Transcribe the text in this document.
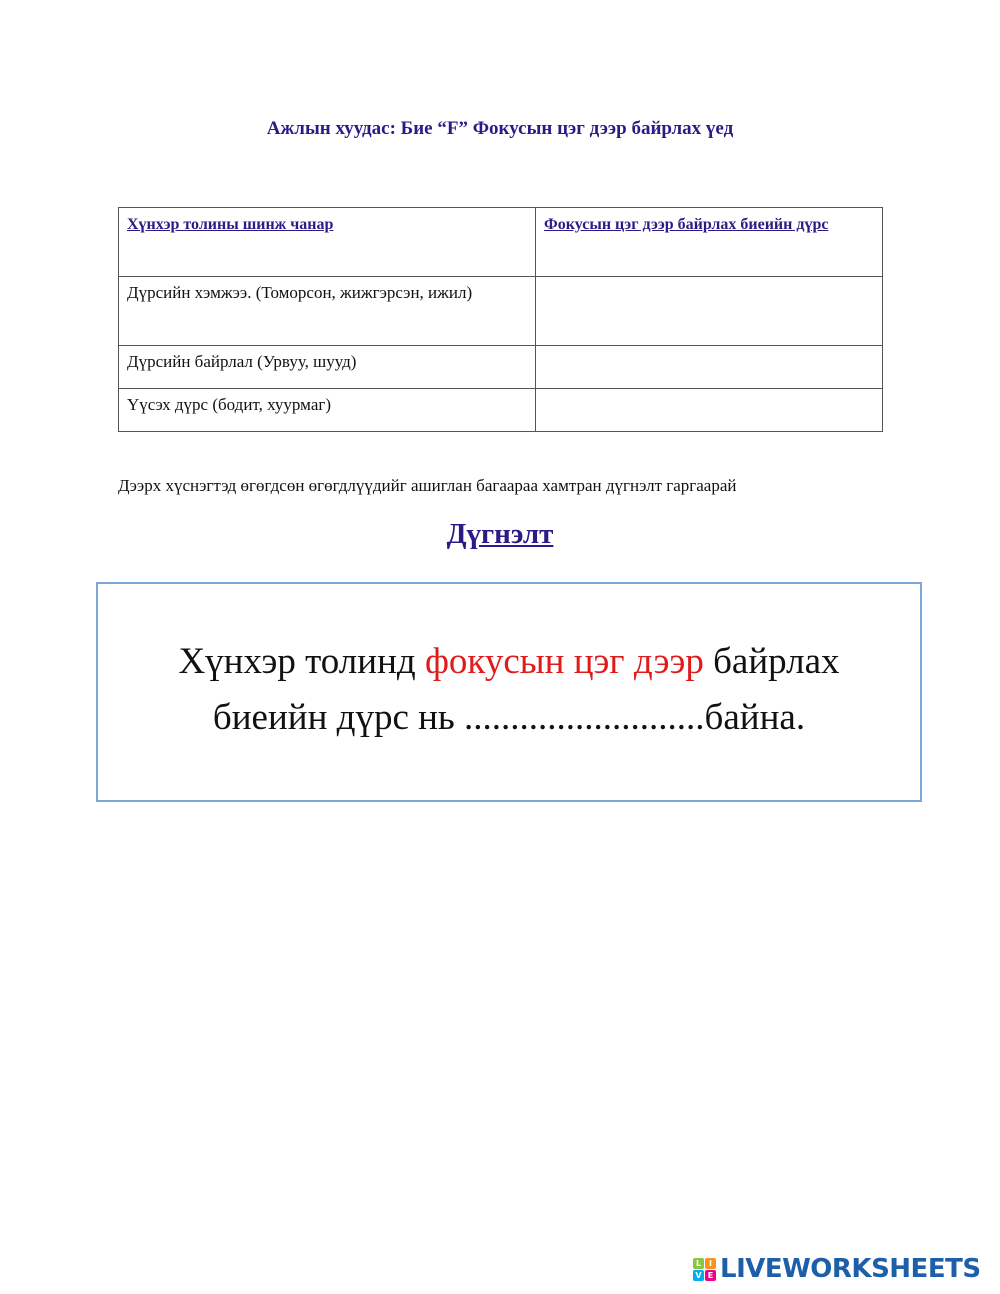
Ажлын хуудас: Бие “F” Фокусын цэг дээр байрлах үед
Хүнхэр толины шинж чанар	Фокусын цэг дээр байрлах биеийн дүрс
Дүрсийн хэмжээ. (Томорсон, жижгэрсэн, ижил)	
Дүрсийн байрлал (Урвуу, шууд)	
Үүсэх дүрс (бодит, хуурмаг)	
Дээрх хүснэгтэд өгөгдсөн өгөгдлүүдийг ашиглан багаараа хамтран дүгнэлт гаргаарай
Дүгнэлт
Хүнхэр толинд фокусын цэг дээр байрлах
биеийн дүрс нь ..........................байна.
L I
V E LIVEWORKSHEETS
